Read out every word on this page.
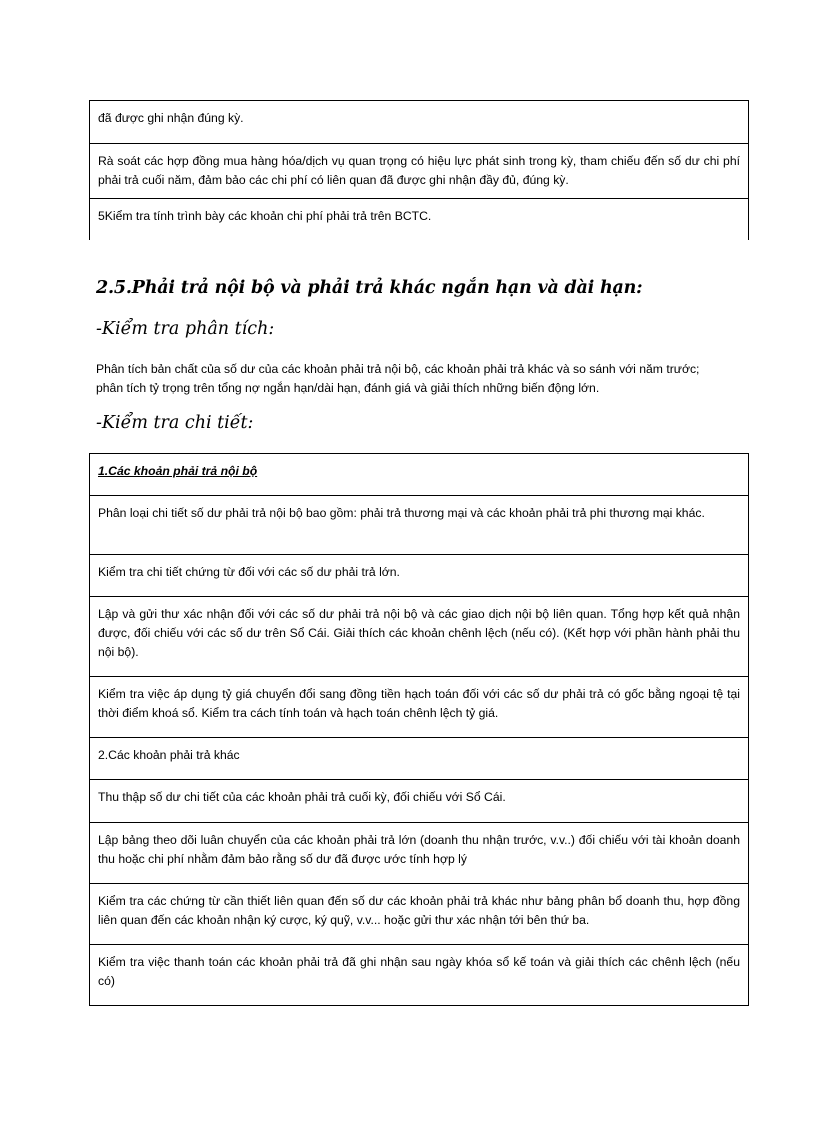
đã được ghi nhận đúng kỳ.
Rà soát các hợp đồng mua hàng hóa/dịch vụ quan trọng có hiệu lực phát sinh trong kỳ, tham chiếu đến số dư chi phí phải trả cuối năm, đảm bảo các chi phí có liên quan đã được ghi nhận đầy đủ, đúng kỳ.
5Kiểm tra tính trình bày các khoản chi phí phải trả trên BCTC.
2.5.Phải trả nội bộ và phải trả khác ngắn hạn và dài hạn:
-Kiểm tra phân tích:
Phân tích bản chất của số dư của các khoản phải trả nội bộ, các khoản phải trả khác và so sánh với năm trước; phân tích tỷ trọng trên tổng nợ ngắn hạn/dài hạn, đánh giá và giải thích những biến động lớn.
-Kiểm tra chi tiết:
1.Các khoản phải trả nội bộ
Phân loại chi tiết số dư phải trả nội bộ bao gồm: phải trả thương mại và các khoản phải trả phi thương mại khác.
Kiểm tra chi tiết chứng từ đối với các số dư phải trả lớn.
Lập và gửi thư xác nhận đối với các số dư phải trả nội bộ và các giao dịch nội bộ liên quan. Tổng hợp kết quả nhận được, đối chiếu với các số dư trên Sổ Cái. Giải thích các khoản chênh lệch (nếu có). (Kết hợp với phần hành phải thu nội bộ).
Kiểm tra việc áp dụng tỷ giá chuyển đổi sang đồng tiền hạch toán đối với các số dư phải trả có gốc bằng ngoại tệ tại thời điểm khoá sổ. Kiểm tra cách tính toán và hạch toán chênh lệch tỷ giá.
2.Các khoản phải trả khác
Thu thập số dư chi tiết của các khoản phải trả cuối kỳ, đối chiếu với Sổ Cái.
Lập bảng theo dõi luân chuyển của các khoản phải trả lớn (doanh thu nhận trước, v.v..) đối chiếu với tài khoản doanh thu hoặc chi phí nhằm đảm bảo rằng số dư đã được ước tính hợp lý
Kiểm tra các chứng từ cần thiết liên quan đến số dư các khoản phải trả khác như bảng phân bổ doanh thu, hợp đồng liên quan đến các khoản nhận ký cược, ký quỹ, v.v... hoặc gửi thư xác nhận tới bên thứ ba.
Kiểm tra việc thanh toán các khoản phải trả đã ghi nhận sau ngày khóa sổ kế toán và giải thích các chênh lệch (nếu có)
